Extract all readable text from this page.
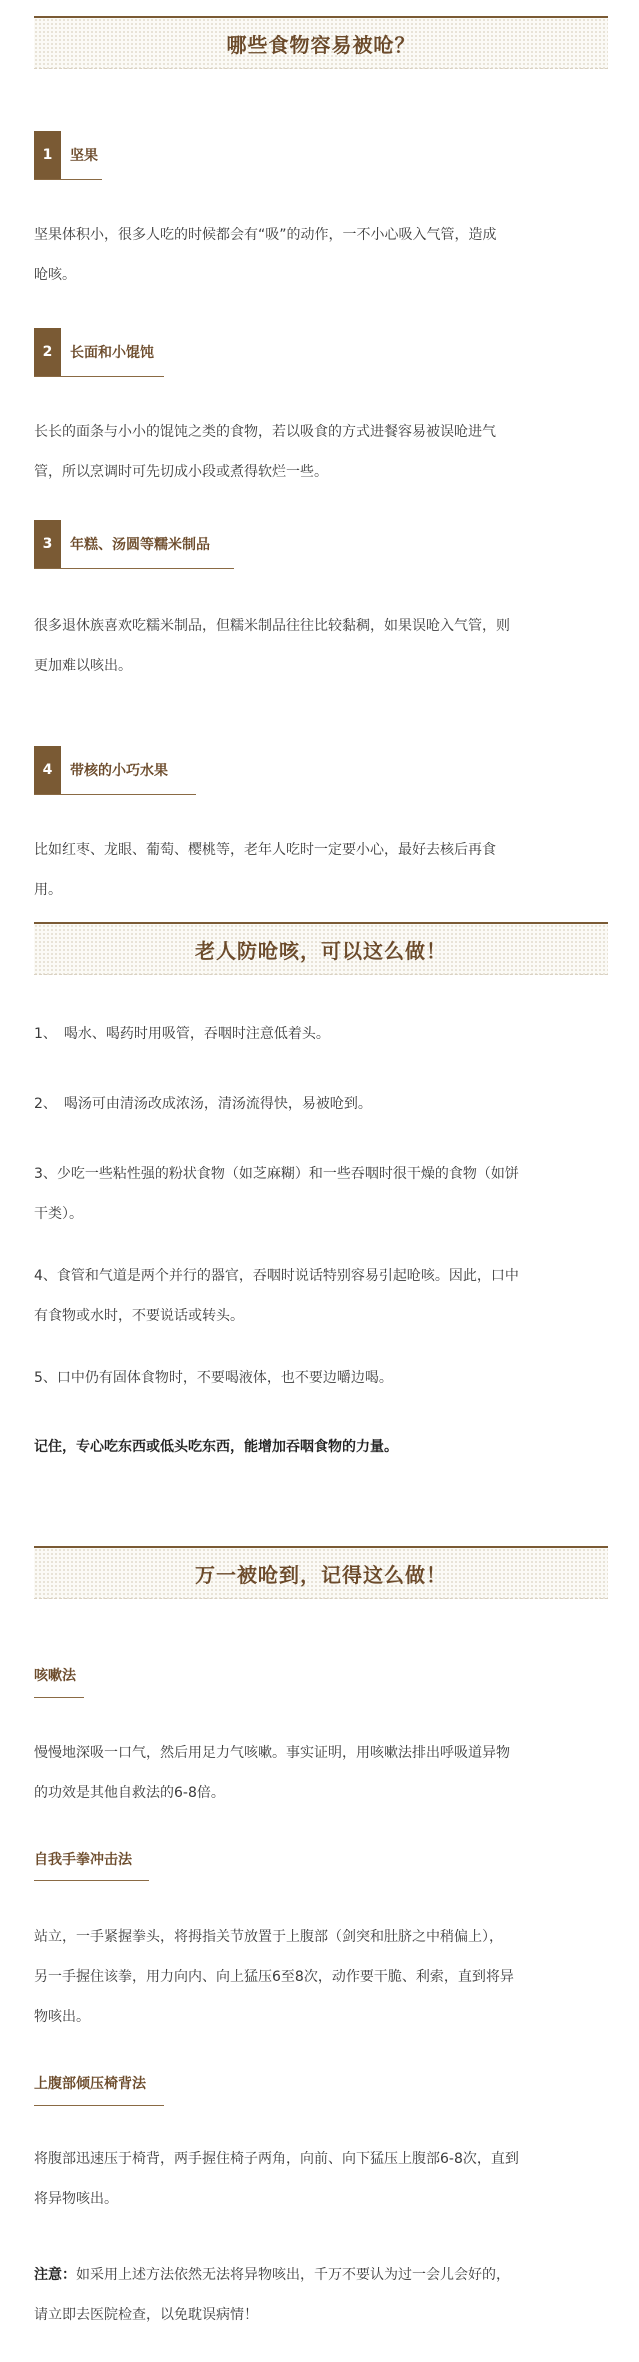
哪些食物容易被呛？
1	坚果
坚果体积小，很多人吃的时候都会有“吸”的动作，一不小心吸入气管，造成
呛咳。
2	长面和小馄饨
长长的面条与小小的馄饨之类的食物，若以吸食的方式进餐容易被误呛进气
管，所以烹调时可先切成小段或煮得软烂一些。
3	年糕、汤圆等糯米制品
很多退休族喜欢吃糯米制品，但糯米制品往往比较黏稠，如果误呛入气管，则
更加难以咳出。
4	带核的小巧水果
比如红枣、龙眼、葡萄、樱桃等，老年人吃时一定要小心，最好去核后再食
用。
老人防呛咳，可以这么做！
1、　喝水、喝药时用吸管，吞咽时注意低着头。
2、　喝汤可由清汤改成浓汤，清汤流得快，易被呛到。
3、少吃一些粘性强的粉状食物（如芝麻糊）和一些吞咽时很干燥的食物（如饼
干类）。
4、食管和气道是两个并行的器官，吞咽时说话特别容易引起呛咳。因此，口中
有食物或水时，不要说话或转头。
5、口中仍有固体食物时，不要喝液体，也不要边嚼边喝。
记住，专心吃东西或低头吃东西，能增加吞咽食物的力量。
万一被呛到，记得这么做！
咳嗽法
慢慢地深吸一口气，然后用足力气咳嗽。事实证明，用咳嗽法排出呼吸道异物
的功效是其他自救法的6-8倍。
自我手拳冲击法
站立，一手紧握拳头，将拇指关节放置于上腹部（剑突和肚脐之中稍偏上），
另一手握住该拳，用力向内、向上猛压6至8次，动作要干脆、利索，直到将异
物咳出。
上腹部倾压椅背法
将腹部迅速压于椅背，两手握住椅子两角，向前、向下猛压上腹部6-8次，直到
将异物咳出。
注意：如采用上述方法依然无法将异物咳出，千万不要认为过一会儿会好的，
请立即去医院检查，以免耽误病情！
